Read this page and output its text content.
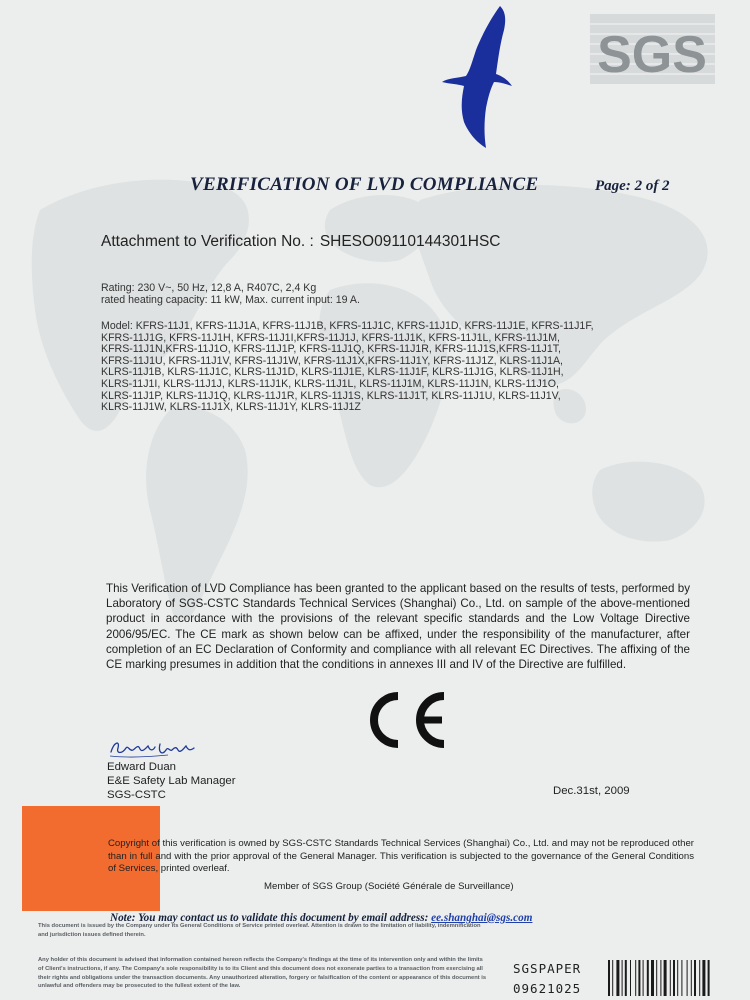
SGS
VERIFICATION OF LVD COMPLIANCE	Page: 2 of 2
Attachment to Verification No. : SHESO09110144301HSC
Rating: 230 V~, 50 Hz, 12,8 A, R407C, 2,4 Kg
rated heating capacity: 11 kW, Max. current input: 19 A.
Model: KFRS-11J1, KFRS-11J1A, KFRS-11J1B, KFRS-11J1C, KFRS-11J1D, KFRS-11J1E, KFRS-11J1F,
KFRS-11J1G, KFRS-11J1H, KFRS-11J1I,KFRS-11J1J, KFRS-11J1K, KFRS-11J1L, KFRS-11J1M,
KFRS-11J1N,KFRS-11J1O, KFRS-11J1P, KFRS-11J1Q, KFRS-11J1R, KFRS-11J1S,KFRS-11J1T,
KFRS-11J1U, KFRS-11J1V, KFRS-11J1W, KFRS-11J1X,KFRS-11J1Y, KFRS-11J1Z, KLRS-11J1A,
KLRS-11J1B, KLRS-11J1C, KLRS-11J1D, KLRS-11J1E, KLRS-11J1F, KLRS-11J1G, KLRS-11J1H,
KLRS-11J1I, KLRS-11J1J, KLRS-11J1K, KLRS-11J1L, KLRS-11J1M, KLRS-11J1N, KLRS-11J1O,
KLRS-11J1P, KLRS-11J1Q, KLRS-11J1R, KLRS-11J1S, KLRS-11J1T, KLRS-11J1U, KLRS-11J1V,
KLRS-11J1W, KLRS-11J1X, KLRS-11J1Y, KLRS-11J1Z
This Verification of LVD Compliance has been granted to the applicant based on the results of tests, performed by Laboratory of SGS-CSTC Standards Technical Services (Shanghai) Co., Ltd. on sample of the above-mentioned product in accordance with the provisions of the relevant specific standards and the Low Voltage Directive 2006/95/EC. The CE mark as shown below can be affixed, under the responsibility of the manufacturer, after completion of an EC Declaration of Conformity and compliance with all relevant EC Directives. The affixing of the CE marking presumes in addition that the conditions in annexes III and IV of the Directive are fulfilled.
Edward Duan
E&E Safety Lab Manager
SGS-CSTC	Dec.31st, 2009
Copyright of this verification is owned by SGS-CSTC Standards Technical Services (Shanghai) Co., Ltd. and may not be reproduced other than in full and with the prior approval of the General Manager. This verification is subjected to the governance of the General Conditions of Services, printed overleaf.
Member of SGS Group (Société Générale de Surveillance)
Note: You may contact us to validate this document by email address: ee.shanghai@sgs.com
This document is issued by the Company under its General Conditions of Service printed overleaf. Attention is drawn to the limitation of liability, indemnification and jurisdiction issues defined therein.
Any holder of this document is advised that information contained hereon reflects the Company's findings at the time of its intervention only and within the limits of Client's instructions, if any. The Company's sole responsibility is to its Client and this document does not exonerate parties to a transaction from exercising all their rights and obligations under the transaction documents. Any unauthorized alteration, forgery or falsification of the content or appearance of this document is unlawful and offenders may be prosecuted to the fullest extent of the law.
SGSPAPER
09621025
